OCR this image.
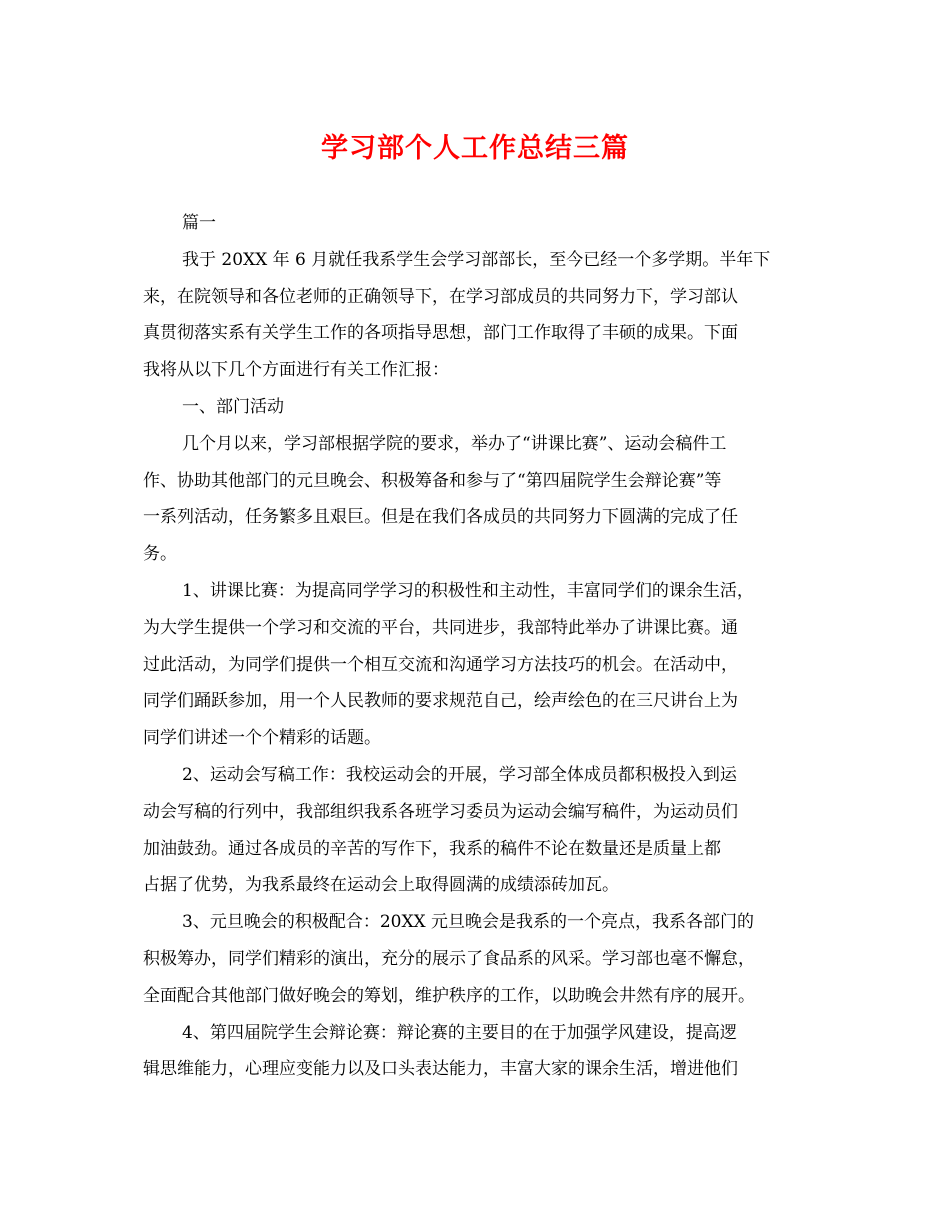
学习部个人工作总结三篇
篇一
我于 20XX 年 6 月就任我系学生会学习部部长，至今已经一个多学期。半年下
来，在院领导和各位老师的正确领导下，在学习部成员的共同努力下，学习部认
真贯彻落实系有关学生工作的各项指导思想，部门工作取得了丰硕的成果。下面
我将从以下几个方面进行有关工作汇报：
一、部门活动
几个月以来，学习部根据学院的要求，举办了“讲课比赛”、运动会稿件工
作、协助其他部门的元旦晚会、积极筹备和参与了“第四届院学生会辩论赛”等
一系列活动，任务繁多且艰巨。但是在我们各成员的共同努力下圆满的完成了任
务。
1、讲课比赛：为提高同学学习的积极性和主动性，丰富同学们的课余生活，
为大学生提供一个学习和交流的平台，共同进步，我部特此举办了讲课比赛。通
过此活动，为同学们提供一个相互交流和沟通学习方法技巧的机会。在活动中，
同学们踊跃参加，用一个人民教师的要求规范自己，绘声绘色的在三尺讲台上为
同学们讲述一个个精彩的话题。
2、运动会写稿工作：我校运动会的开展，学习部全体成员都积极投入到运
动会写稿的行列中，我部组织我系各班学习委员为运动会编写稿件，为运动员们
加油鼓劲。通过各成员的辛苦的写作下，我系的稿件不论在数量还是质量上都
占据了优势，为我系最终在运动会上取得圆满的成绩添砖加瓦。
3、元旦晚会的积极配合：20XX 元旦晚会是我系的一个亮点，我系各部门的
积极筹办，同学们精彩的演出，充分的展示了食品系的风采。学习部也毫不懈怠，
全面配合其他部门做好晚会的筹划，维护秩序的工作，以助晚会井然有序的展开。
4、第四届院学生会辩论赛：辩论赛的主要目的在于加强学风建设，提高逻
辑思维能力，心理应变能力以及口头表达能力，丰富大家的课余生活，增进他们
